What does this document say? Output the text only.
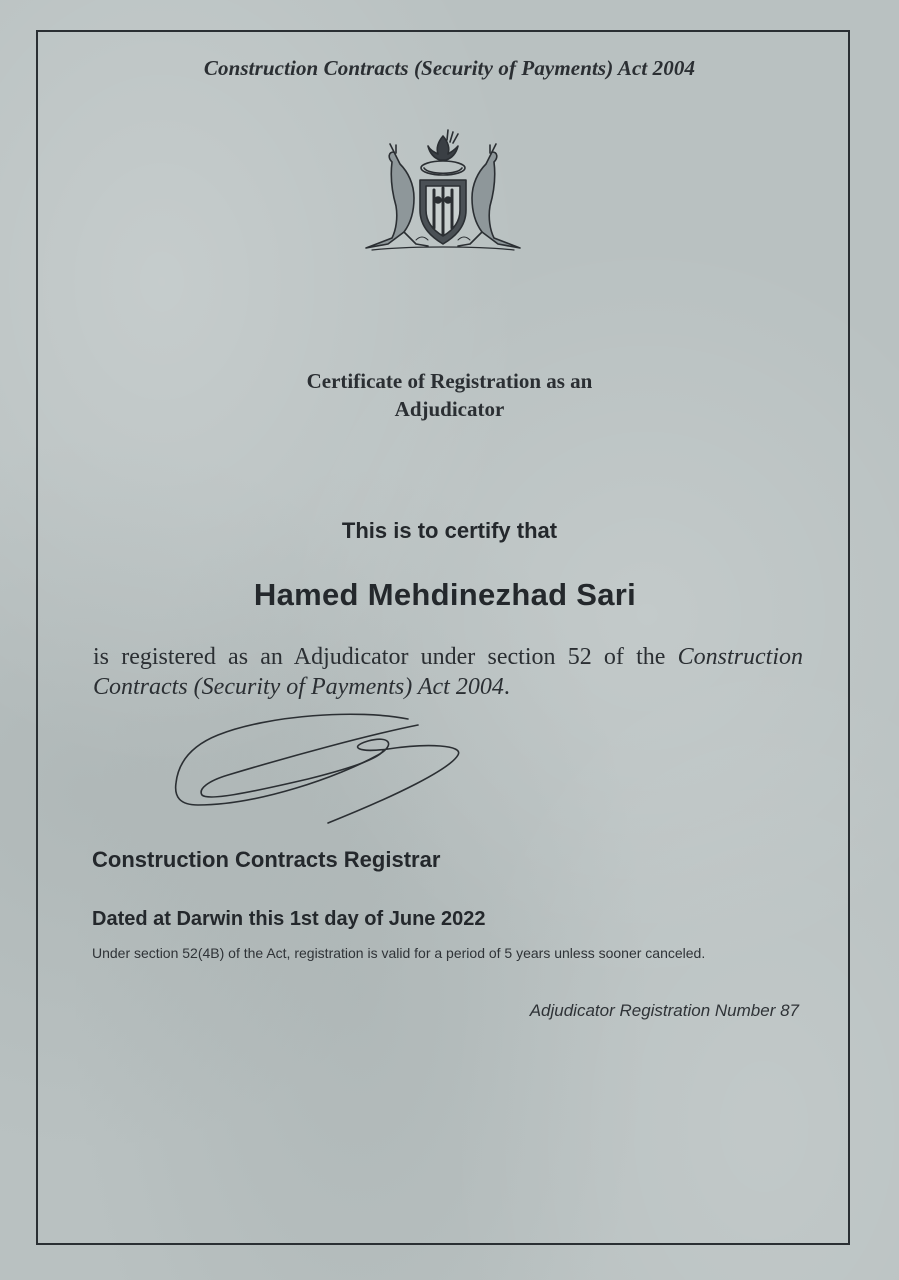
Construction Contracts (Security of Payments) Act 2004
Certificate of Registration as an
Adjudicator
This is to certify that
Hamed Mehdinezhad Sari
is registered as an Adjudicator under section 52 of the Construction Contracts (Security of Payments) Act 2004.
Construction Contracts Registrar
Dated at Darwin this 1st day of June 2022
Under section 52(4B) of the Act, registration is valid for a period of 5 years unless sooner canceled.
Adjudicator Registration Number 87
